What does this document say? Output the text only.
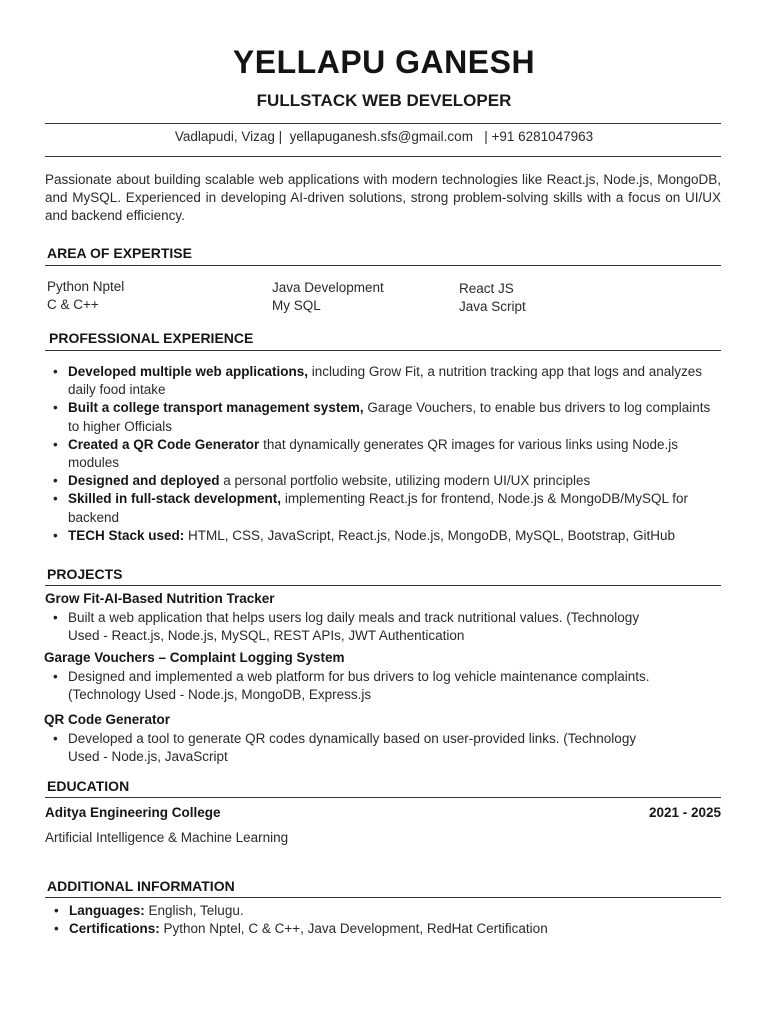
YELLAPU GANESH
FULLSTACK WEB DEVELOPER
Vadlapudi, Vizag |  yellapuganesh.sfs@gmail.com   | +91 6281047963
Passionate about building scalable web applications with modern technologies like React.js, Node.js, MongoDB, and MySQL. Experienced in developing AI-driven solutions, strong problem-solving skills with a focus on UI/UX and backend efficiency.
AREA OF EXPERTISE
Python Nptel
C & C++
Java Development
My SQL
React JS
Java Script
PROFESSIONAL EXPERIENCE
• Developed multiple web applications, including Grow Fit, a nutrition tracking app that logs and analyzes daily food intake
• Built a college transport management system, Garage Vouchers, to enable bus drivers to log complaints to higher Officials
• Created a QR Code Generator that dynamically generates QR images for various links using Node.js modules
• Designed and deployed a personal portfolio website, utilizing modern UI/UX principles
• Skilled in full-stack development, implementing React.js for frontend, Node.js & MongoDB/MySQL for backend
• TECH Stack used: HTML, CSS, JavaScript, React.js, Node.js, MongoDB, MySQL, Bootstrap, GitHub
PROJECTS
Grow Fit-AI-Based Nutrition Tracker
• Built a web application that helps users log daily meals and track nutritional values. (Technology Used - React.js, Node.js, MySQL, REST APIs, JWT Authentication
Garage Vouchers – Complaint Logging System
• Designed and implemented a web platform for bus drivers to log vehicle maintenance complaints. (Technology Used - Node.js, MongoDB, Express.js
QR Code Generator
• Developed a tool to generate QR codes dynamically based on user-provided links. (Technology Used - Node.js, JavaScript
EDUCATION
Aditya Engineering College	2021 - 2025
Artificial Intelligence & Machine Learning
ADDITIONAL INFORMATION
• Languages: English, Telugu.
• Certifications: Python Nptel, C & C++, Java Development, RedHat Certification
